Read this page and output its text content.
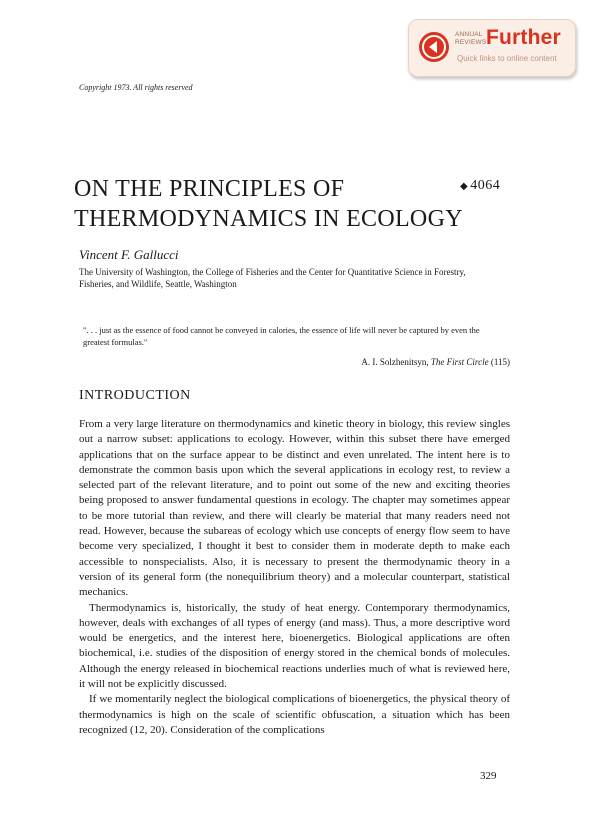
ANNUAL
REVIEWS Further
Quick links to online content
Copyright 1973. All rights reserved
ON THE PRINCIPLES OF
THERMODYNAMICS IN ECOLOGY
◆ 4064
Vincent F. Gallucci
The University of Washington, the College of Fisheries and the Center for Quantitative Science in Forestry, Fisheries, and Wildlife, Seattle, Washington
". . . just as the essence of food cannot be conveyed in calories, the essence of life will never be captured by even the greatest formulas."
A. I. Solzhenitsyn, The First Circle (115)
INTRODUCTION

From a very large literature on thermodynamics and kinetic theory in biology, this review singles out a narrow subset: applications to ecology. However, within this subset there have emerged applications that on the surface appear to be distinct and even unrelated. The intent here is to demonstrate the common basis upon which the several applications in ecology rest, to review a selected part of the relevant literature, and to point out some of the new and exciting theories being proposed to answer fundamental questions in ecology. The chapter may sometimes appear to be more tutorial than review, and there will clearly be material that many readers need not read. However, because the subareas of ecology which use concepts of energy flow seem to have become very specialized, I thought it best to consider them in moderate depth to make each accessible to nonspecialists. Also, it is necessary to present the thermodynamic theory in a version of its general form (the nonequilibrium theory) and a molecular counterpart, statistical mechanics.

Thermodynamics is, historically, the study of heat energy. Contemporary thermodynamics, however, deals with exchanges of all types of energy (and mass). Thus, a more descriptive word would be energetics, and the interest here, bioenergetics. Biological applications are often biochemical, i.e. studies of the disposition of energy stored in the chemical bonds of molecules. Although the energy released in biochemical reactions underlies much of what is reviewed here, it will not be explicitly discussed.

If we momentarily neglect the biological complications of bioenergetics, the physical theory of thermodynamics is high on the scale of scientific obfuscation, a situation which has been recognized (12, 20). Consideration of the complications

329
